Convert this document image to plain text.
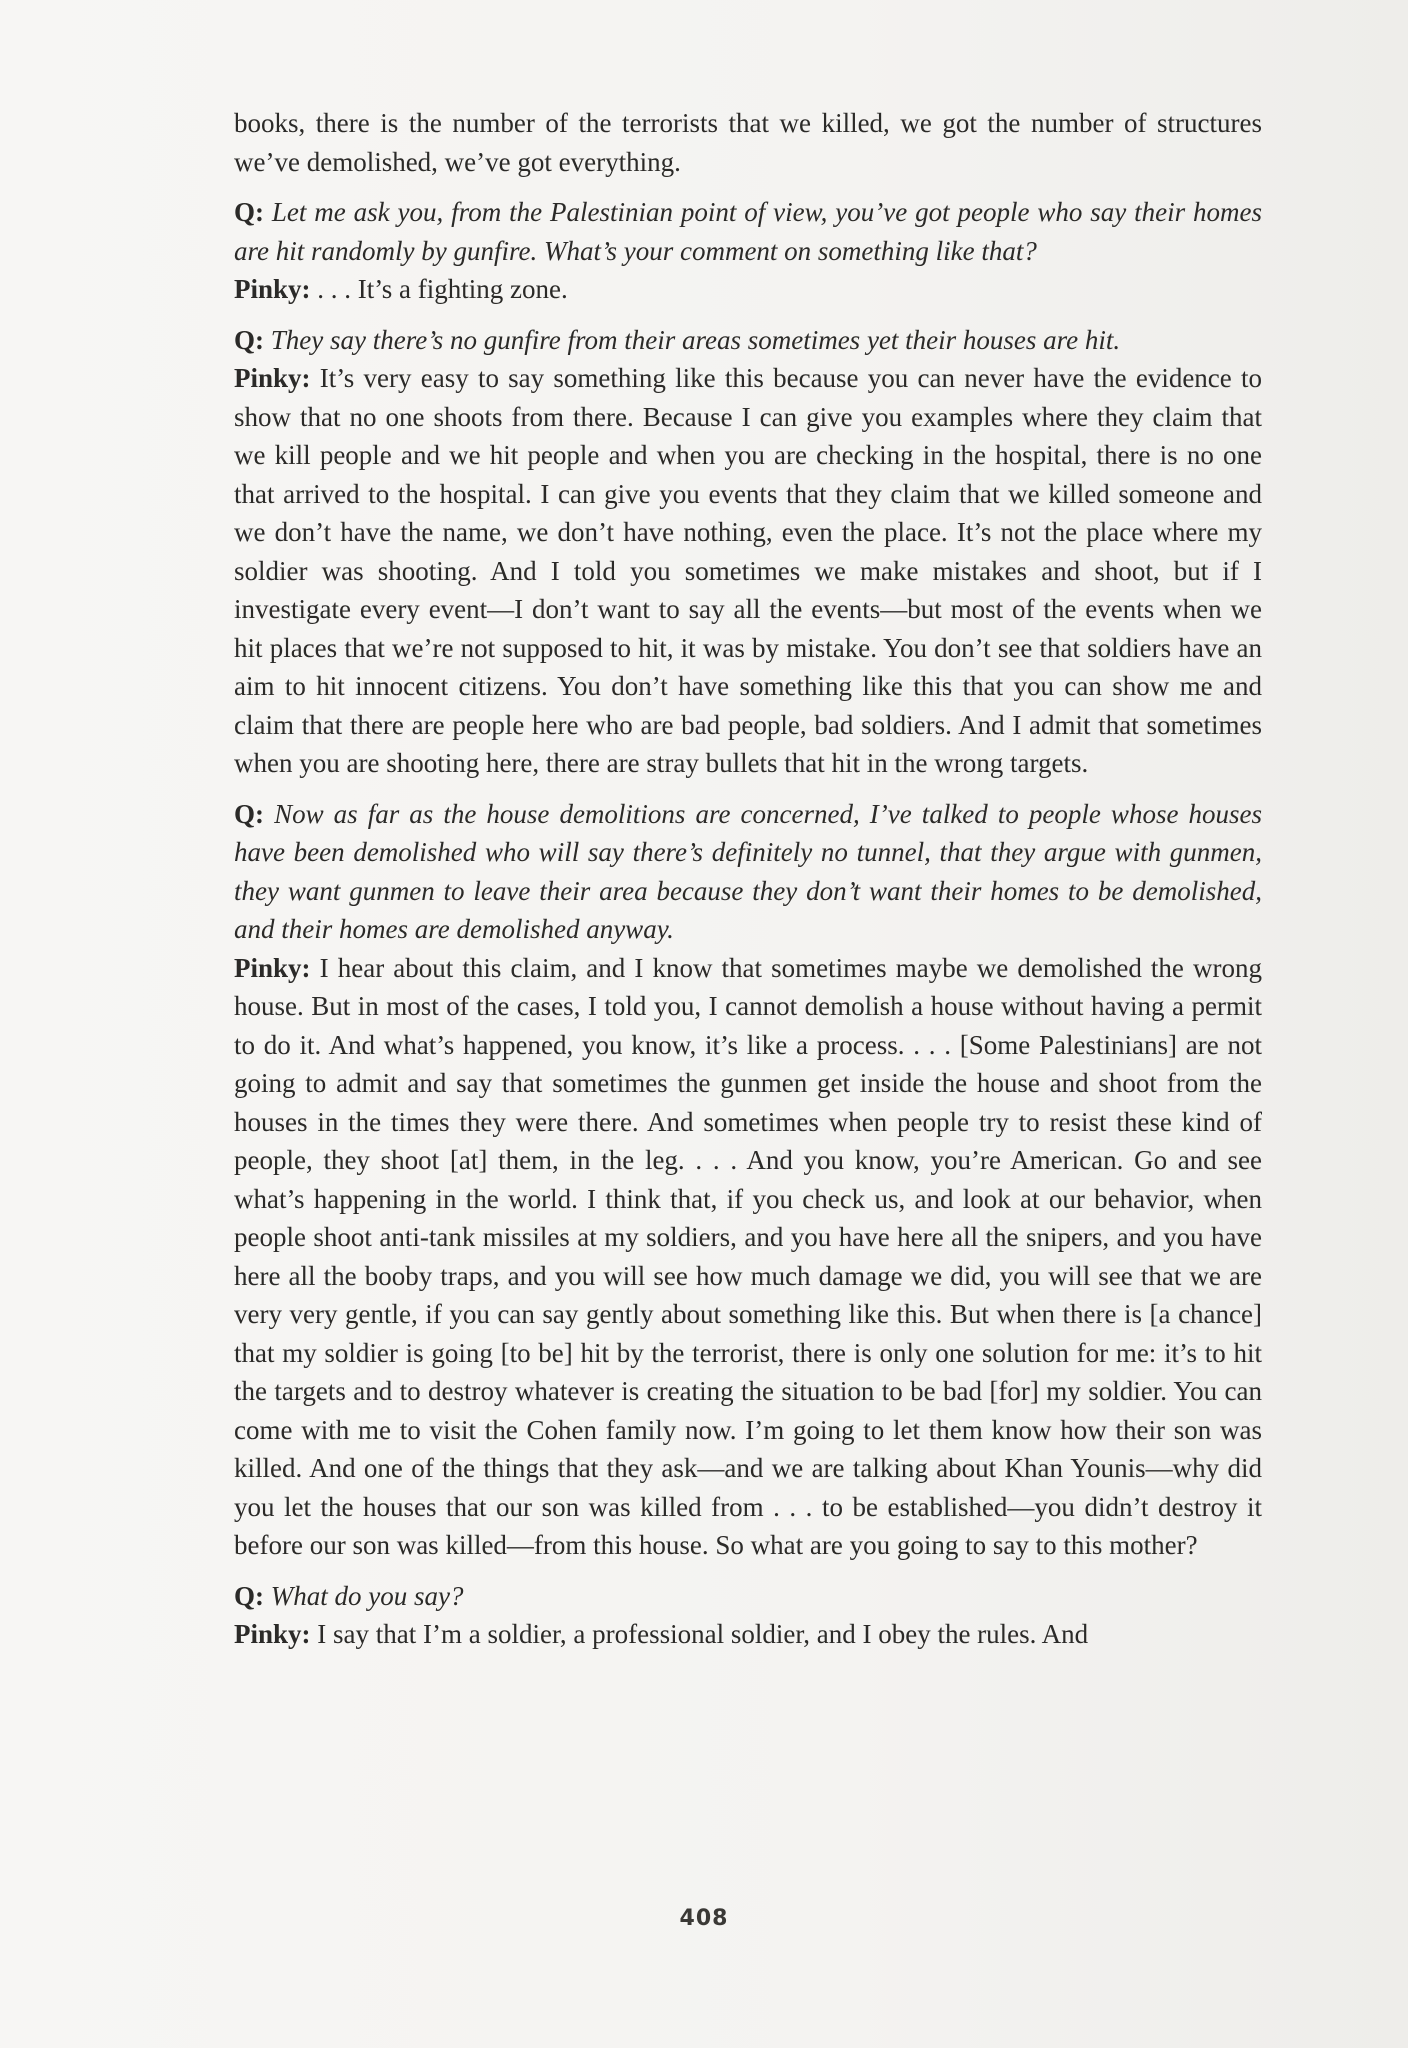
books, there is the number of the terrorists that we killed, we got the number of structures we’ve demolished, we’ve got everything.

Q: Let me ask you, from the Palestinian point of view, you’ve got people who say their homes are hit randomly by gunfire. What’s your comment on something like that?

Pinky: . . . It’s a fighting zone.

Q: They say there’s no gunfire from their areas sometimes yet their houses are hit.

Pinky: It’s very easy to say something like this because you can never have the evidence to show that no one shoots from there. Because I can give you examples where they claim that we kill people and we hit people and when you are checking in the hospital, there is no one that arrived to the hospital. I can give you events that they claim that we killed someone and we don’t have the name, we don’t have nothing, even the place. It’s not the place where my soldier was shooting. And I told you sometimes we make mistakes and shoot, but if I investigate every event—I don’t want to say all the events—but most of the events when we hit places that we’re not supposed to hit, it was by mistake. You don’t see that soldiers have an aim to hit innocent citizens. You don’t have something like this that you can show me and claim that there are people here who are bad people, bad soldiers. And I admit that sometimes when you are shooting here, there are stray bullets that hit in the wrong targets.

Q: Now as far as the house demolitions are concerned, I’ve talked to people whose houses have been demolished who will say there’s definitely no tunnel, that they argue with gunmen, they want gunmen to leave their area because they don’t want their homes to be demolished, and their homes are demolished anyway.

Pinky: I hear about this claim, and I know that sometimes maybe we demolished the wrong house. But in most of the cases, I told you, I cannot demolish a house without having a permit to do it. And what’s happened, you know, it’s like a process. . . . [Some Palestinians] are not going to admit and say that sometimes the gunmen get inside the house and shoot from the houses in the times they were there. And sometimes when people try to resist these kind of people, they shoot [at] them, in the leg. . . . And you know, you’re American. Go and see what’s happening in the world. I think that, if you check us, and look at our behavior, when people shoot anti-tank missiles at my soldiers, and you have here all the snipers, and you have here all the booby traps, and you will see how much damage we did, you will see that we are very very gentle, if you can say gently about something like this. But when there is [a chance] that my soldier is going [to be] hit by the terrorist, there is only one solution for me: it’s to hit the targets and to destroy whatever is creating the situation to be bad [for] my soldier. You can come with me to visit the Cohen family now. I’m going to let them know how their son was killed. And one of the things that they ask—and we are talking about Khan Younis—why did you let the houses that our son was killed from . . . to be established—you didn’t destroy it before our son was killed—from this house. So what are you going to say to this mother?

Q: What do you say?

Pinky: I say that I’m a soldier, a professional soldier, and I obey the rules. And

408
